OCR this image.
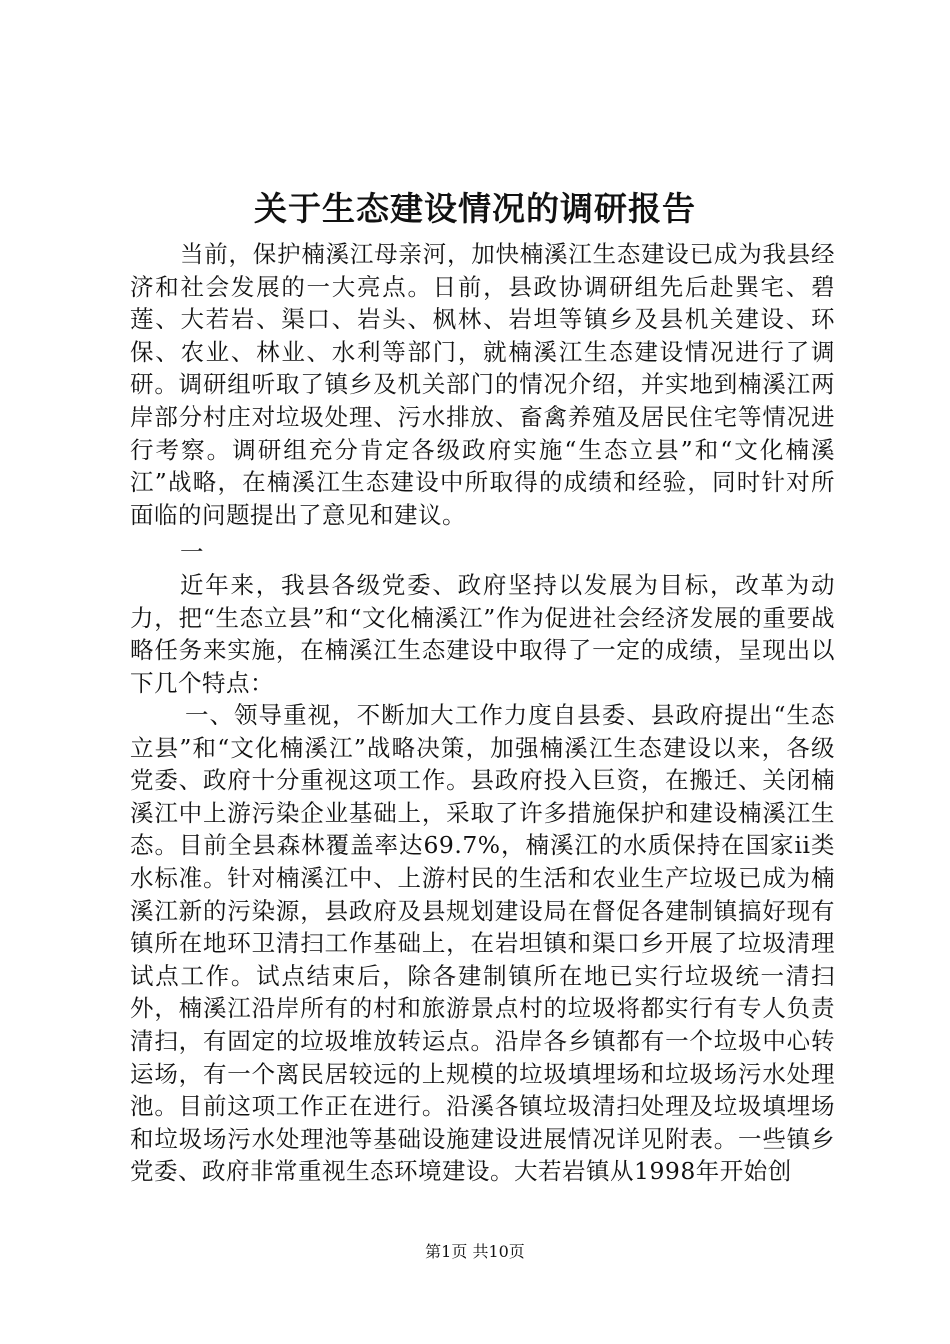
关于生态建设情况的调研报告

当前，保护楠溪江母亲河，加快楠溪江生态建设已成为我县经济和社会发展的一大亮点。日前，县政协调研组先后赴巽宅、碧莲、大若岩、渠口、岩头、枫林、岩坦等镇乡及县机关建设、环保、农业、林业、水利等部门，就楠溪江生态建设情况进行了调研。调研组听取了镇乡及机关部门的情况介绍，并实地到楠溪江两岸部分村庄对垃圾处理、污水排放、畜禽养殖及居民住宅等情况进行考察。调研组充分肯定各级政府实施“生态立县”和“文化楠溪江”战略，在楠溪江生态建设中所取得的成绩和经验，同时针对所面临的问题提出了意见和建议。

一

近年来，我县各级党委、政府坚持以发展为目标，改革为动力，把“生态立县”和“文化楠溪江”作为促进社会经济发展的重要战略任务来实施，在楠溪江生态建设中取得了一定的成绩，呈现出以下几个特点：

一、领导重视，不断加大工作力度自县委、县政府提出“生态立县”和“文化楠溪江”战略决策，加强楠溪江生态建设以来，各级党委、政府十分重视这项工作。县政府投入巨资，在搬迁、关闭楠溪江中上游污染企业基础上，采取了许多措施保护和建设楠溪江生态。目前全县森林覆盖率达69.7%，楠溪江的水质保持在国家ii类水标准。针对楠溪江中、上游村民的生活和农业生产垃圾已成为楠溪江新的污染源，县政府及县规划建设局在督促各建制镇搞好现有镇所在地环卫清扫工作基础上，在岩坦镇和渠口乡开展了垃圾清理试点工作。试点结束后，除各建制镇所在地已实行垃圾统一清扫外，楠溪江沿岸所有的村和旅游景点村的垃圾将都实行有专人负责清扫，有固定的垃圾堆放转运点。沿岸各乡镇都有一个垃圾中心转运场，有一个离民居较远的上规模的垃圾填埋场和垃圾场污水处理池。目前这项工作正在进行。沿溪各镇垃圾清扫处理及垃圾填埋场和垃圾场污水处理池等基础设施建设进展情况详见附表。一些镇乡党委、政府非常重视生态环境建设。大若岩镇从1998年开始创

第1页 共10页
